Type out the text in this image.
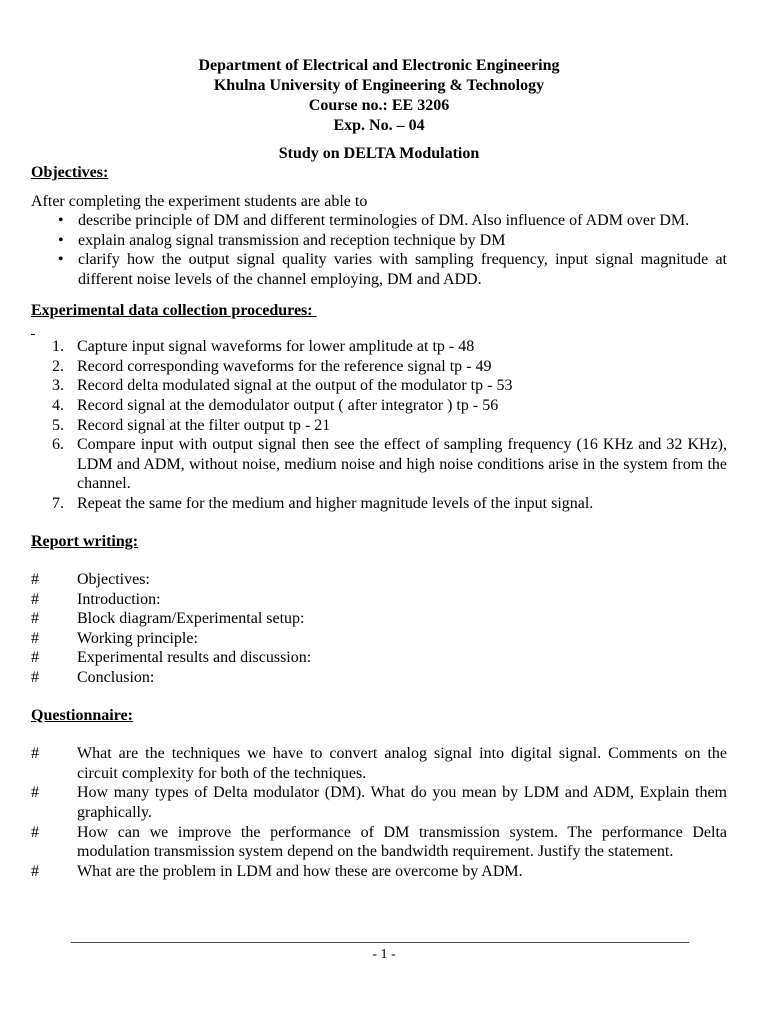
Department of Electrical and Electronic Engineering
Khulna University of Engineering & Technology
Course no.: EE 3206
Exp. No. – 04
Study on DELTA Modulation
Objectives:
After completing the experiment students are able to
• describe principle of DM and different terminologies of DM. Also influence of ADM over DM.
• explain analog signal transmission and reception technique by DM
• clarify how the output signal quality varies with sampling frequency, input signal magnitude at different noise levels of the channel employing, DM and ADD.
Experimental data collection procedures:

1. Capture input signal waveforms for lower amplitude at tp - 48
2. Record corresponding waveforms for the reference signal tp - 49
3. Record delta modulated signal at the output of the modulator tp - 53
4. Record signal at the demodulator output ( after integrator ) tp - 56
5. Record signal at the filter output tp - 21
6. Compare input with output signal then see the effect of sampling frequency (16 KHz and 32 KHz), LDM and ADM, without noise, medium noise and high noise conditions arise in the system from the channel.
7. Repeat the same for the medium and higher magnitude levels of the input signal.
Report writing:
# Objectives:
# Introduction:
# Block diagram/Experimental setup:
# Working principle:
# Experimental results and discussion:
# Conclusion:
Questionnaire:
# What are the techniques we have to convert analog signal into digital signal. Comments on the circuit complexity for both of the techniques.
# How many types of Delta modulator (DM). What do you mean by LDM and ADM, Explain them graphically.
# How can we improve the performance of DM transmission system. The performance Delta modulation transmission system depend on the bandwidth requirement. Justify the statement.
# What are the problem in LDM and how these are overcome by ADM.
- 1 -
